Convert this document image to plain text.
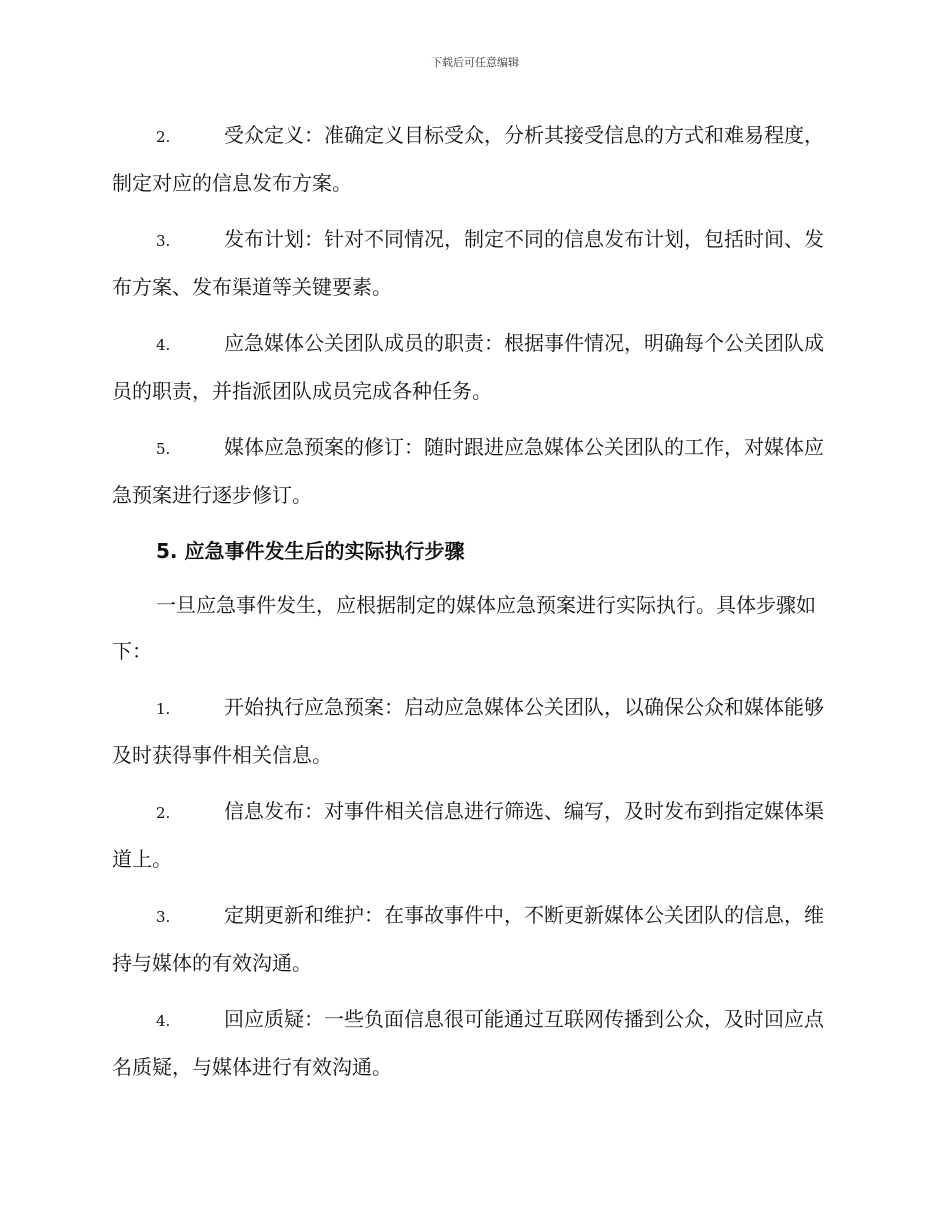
下载后可任意编辑

2.	受众定义：准确定义目标受众，分析其接受信息的方式和难易程度，制定对应的信息发布方案。

3.	发布计划：针对不同情况，制定不同的信息发布计划，包括时间、发布方案、发布渠道等关键要素。

4.	应急媒体公关团队成员的职责：根据事件情况，明确每个公关团队成员的职责，并指派团队成员完成各种任务。

5.	媒体应急预案的修订：随时跟进应急媒体公关团队的工作，对媒体应急预案进行逐步修订。

5. 应急事件发生后的实际执行步骤

一旦应急事件发生，应根据制定的媒体应急预案进行实际执行。具体步骤如下：

1.	开始执行应急预案：启动应急媒体公关团队，以确保公众和媒体能够及时获得事件相关信息。

2.	信息发布：对事件相关信息进行筛选、编写，及时发布到指定媒体渠道上。

3.	定期更新和维护：在事故事件中，不断更新媒体公关团队的信息，维持与媒体的有效沟通。

4.	回应质疑：一些负面信息很可能通过互联网传播到公众，及时回应点名质疑，与媒体进行有效沟通。
